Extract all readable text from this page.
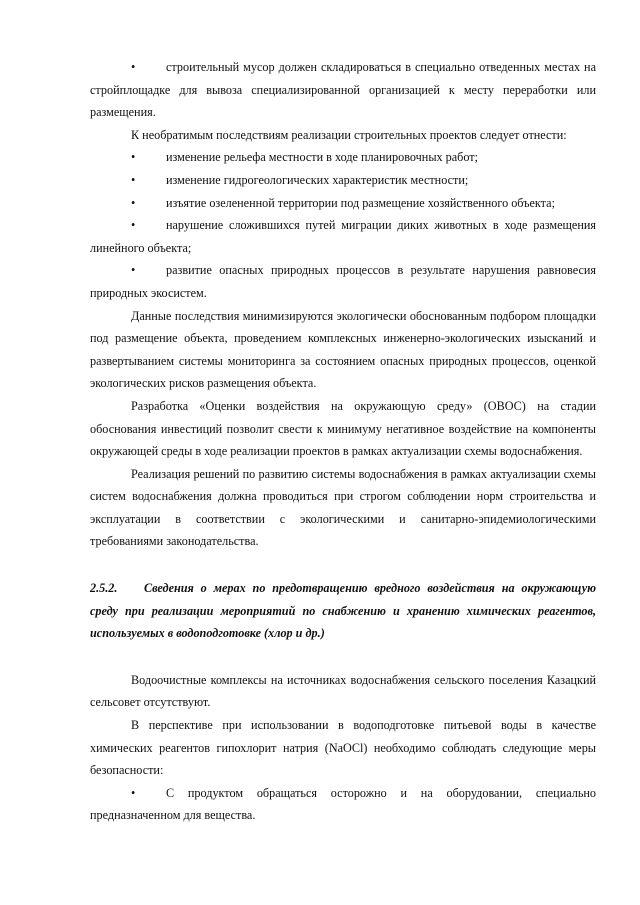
•	строительный мусор должен складироваться в специально отведенных местах на стройплощадке для вывоза специализированной организацией к месту переработки или размещения.

К необратимым последствиям реализации строительных проектов следует отнести:

•	изменение рельефа местности в ходе планировочных работ;

•	изменение гидрогеологических характеристик местности;

•	изъятие озелененной территории под размещение хозяйственного объекта;

•	нарушение сложившихся путей миграции диких животных в ходе размещения линейного объекта;

•	развитие опасных природных процессов в результате нарушения равновесия природных экосистем.

Данные последствия минимизируются экологически обоснованным подбором площадки под размещение объекта, проведением комплексных инженерно-экологических изысканий и развертыванием системы мониторинга за состоянием опасных природных процессов, оценкой экологических рисков размещения объекта.

Разработка «Оценки воздействия на окружающую среду» (ОВОС) на стадии обоснования инвестиций позволит свести к минимуму негативное воздействие на компоненты окружающей среды в ходе реализации проектов в рамках актуализации схемы водоснабжения.

Реализация решений по развитию системы водоснабжения в рамках актуализации схемы систем водоснабжения должна проводиться при строгом соблюдении норм строительства и эксплуатации в соответствии с экологическими и санитарно-эпидемиологическими требованиями законодательства.

2.5.2. Сведения о мерах по предотвращению вредного воздействия на окружающую среду при реализации мероприятий по снабжению и хранению химических реагентов, используемых в водоподготовке (хлор и др.)

Водоочистные комплексы на источниках водоснабжения сельского поселения Казацкий сельсовет отсутствуют.

В перспективе при использовании в водоподготовке питьевой воды в качестве химических реагентов гипохлорит натрия (NaOCl) необходимо соблюдать следующие меры безопасности:

•	С продуктом обращаться осторожно и на оборудовании, специально предназначенном для вещества.
